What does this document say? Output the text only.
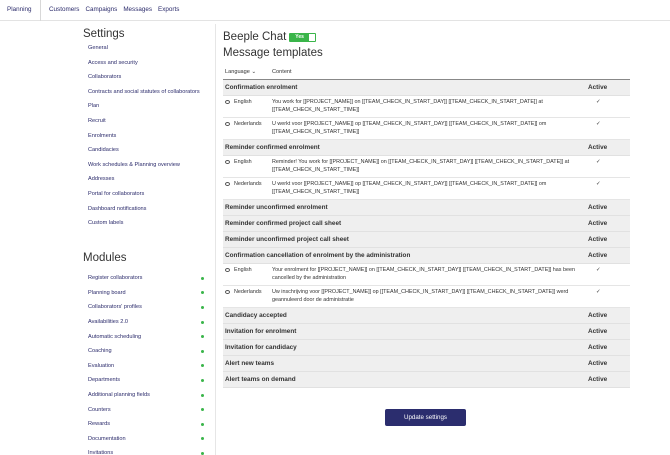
Planning	Customers Campaigns Messages Exports
Settings
General
Access and security
Collaborators
Contracts and social statutes of collaborators
Plan
Recruit
Enrolments
Candidacies
Work schedules & Planning overview
Addresses
Portal for collaborators
Dashboard notifications
Custom labels
Modules
Register collaborators
Planning board
Collaborators' profiles
Availabilities 2.0
Automatic scheduling
Coaching
Evaluation
Departments
Additional planning fields
Counters
Rewards
Documentation
Invitations
Beeple Chat	Yes
Message templates
Language ⌄	Content	
Confirmation enrolment		Active

English	You work for [[PROJECT_NAME]] on [[TEAM_CHECK_IN_START_DAY]] [[TEAM_CHECK_IN_START_DATE]] at [[TEAM_CHECK_IN_START_TIME]]	✓

Nederlands	U werkt voor [[PROJECT_NAME]] op [[TEAM_CHECK_IN_START_DAY]] [[TEAM_CHECK_IN_START_DATE]] om [[TEAM_CHECK_IN_START_TIME]]	✓
Reminder confirmed enrolment		Active

English	Reminder! You work for [[PROJECT_NAME]] on [[TEAM_CHECK_IN_START_DAY]] [[TEAM_CHECK_IN_START_DATE]] at [[TEAM_CHECK_IN_START_TIME]]	✓

Nederlands	U werkt voor [[PROJECT_NAME]] op [[TEAM_CHECK_IN_START_DAY]] [[TEAM_CHECK_IN_START_DATE]] om [[TEAM_CHECK_IN_START_TIME]]	✓
Reminder unconfirmed enrolment		Active
Reminder confirmed project call sheet		Active
Reminder unconfirmed project call sheet		Active
Confirmation cancellation of enrolment by the administration		Active

English	Your enrolment for [[PROJECT_NAME]] on [[TEAM_CHECK_IN_START_DAY]] [[TEAM_CHECK_IN_START_DATE]] has been cancelled by the administration	✓

Nederlands	Uw inschrijving voor [[PROJECT_NAME]] op [[TEAM_CHECK_IN_START_DAY]] [[TEAM_CHECK_IN_START_DATE]] werd geannuleerd door de administratie	✓
Candidacy accepted		Active
Invitation for enrolment		Active
Invitation for candidacy		Active
Alert new teams		Active
Alert teams on demand		Active
Update settings
